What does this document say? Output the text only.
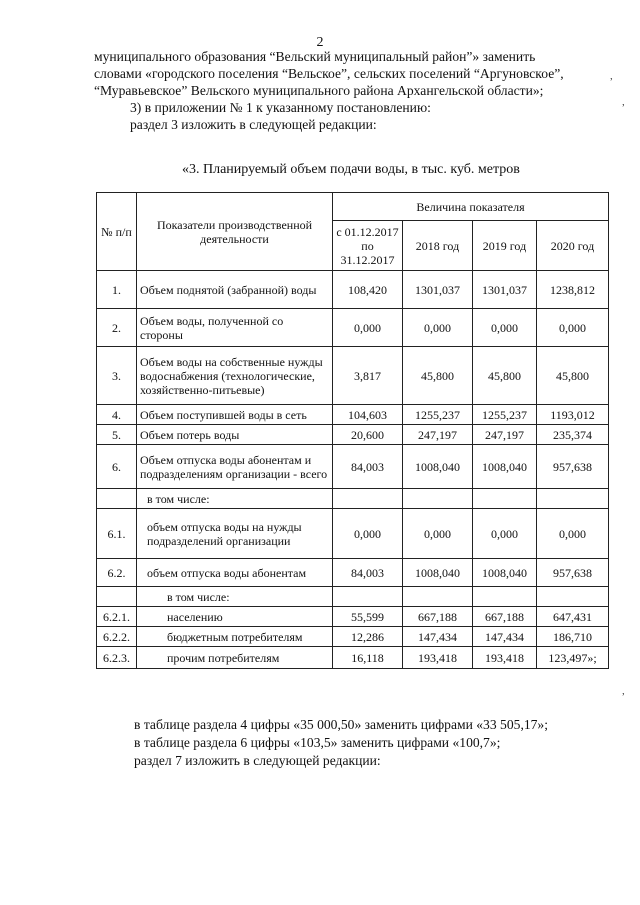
2

муниципального образования “Вельский муниципальный район”» заменить

словами «городского поселения “Вельское”, сельских поселений “Аргуновское”,

“Муравьевское” Вельского муниципального района Архангельской области»;

3) в приложении № 1 к указанному постановлению:

раздел 3 изложить в следующей редакции:

«3. Планируемый объем подачи воды, в тыс. куб. метров
№ п/п	Показатели производственной деятельности	Величина показателя			
		с 01.12.2017 по 31.12.2017	2018 год	2019 год	2020 год
1.	Объем поднятой (забранной) воды	108,420	1301,037	1301,037	1238,812
2.	Объем воды, полученной со стороны	0,000	0,000	0,000	0,000
3.	Объем воды на собственные нужды водоснабжения (технологические, хозяйственно-питьевые)	3,817	45,800	45,800	45,800
4.	Объем поступившей воды в сеть	104,603	1255,237	1255,237	1193,012
5.	Объем потерь воды	20,600	247,197	247,197	235,374
6.	Объем отпуска воды абонентам и подразделениям организации - всего	84,003	1008,040	1008,040	957,638
	в том числе:				
6.1.	объем отпуска воды на нужды подразделений организации	0,000	0,000	0,000	0,000
6.2.	объем отпуска воды абонентам	84,003	1008,040	1008,040	957,638
	в том числе:				
6.2.1.	населению	55,599	667,188	667,188	647,431
6.2.2.	бюджетным потребителям	12,286	147,434	147,434	186,710
6.2.3.	прочим потребителям	16,118	193,418	193,418	123,497»;

в таблице раздела 4 цифры «35 000,50» заменить цифрами «33 505,17»;

в таблице раздела 6 цифры «103,5» заменить цифрами «100,7»;

раздел 7 изложить в следующей редакции:

,
,
,
